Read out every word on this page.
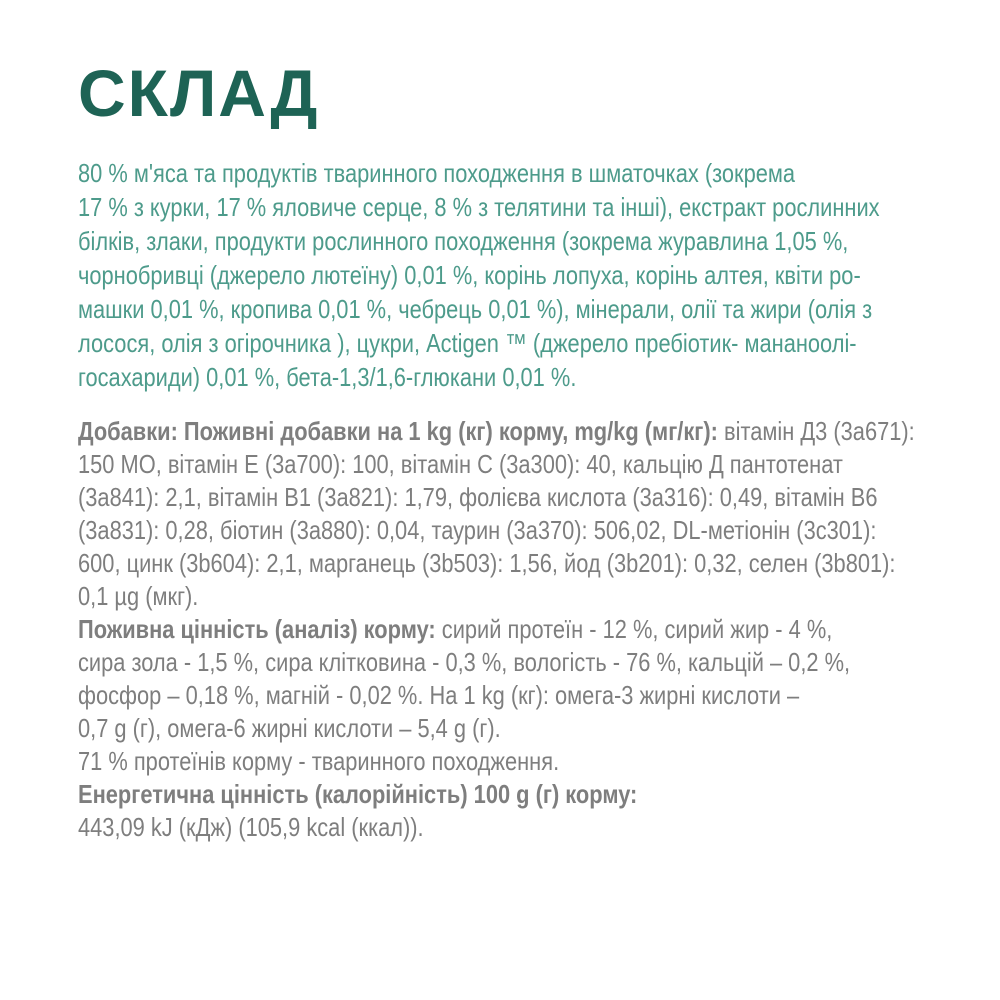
СКЛАД
80 % м'яса та продуктів тваринного походження в шматочках (зокрема
17 % з курки, 17 % яловиче серце, 8 % з телятини та інші), екстракт рослинних
білків, злаки, продукти рослинного походження (зокрема журавлина 1,05 %,
чорнобривці (джерело лютеїну) 0,01 %, корінь лопуха, корінь алтея, квіти ро-
машки 0,01 %, кропива 0,01 %, чебрець 0,01 %), мінерали, олії та жири (олія з
лосося, олія з огірочника ), цукри, Actigen ™ (джерело пребіотик- мананоолі-
госахариди) 0,01 %, бета-1,3/1,6-глюкани 0,01 %.
Добавки: Поживні добавки на 1 kg (кг) корму, mg/kg (мг/кг): вітамін Д3 (3a671):
150 МО, вітамін Е (3a700): 100, вітамін С (3a300): 40, кальцію Д пантотенат
(3a841): 2,1, вітамін В1 (3a821): 1,79, фолієва кислота (3a316): 0,49, вітамін В6
(3a831): 0,28, біотин (3a880): 0,04, таурин (3a370): 506,02, DL-метіонін (3c301):
600, цинк (3b604): 2,1, марганець (3b503): 1,56, йод (3b201): 0,32, селен (3b801):
0,1 µg (мкг).
Поживна цінність (аналіз) корму: сирий протеїн - 12 %, сирий жир - 4 %,
сира зола - 1,5 %, сира клітковина - 0,3 %, вологість - 76 %, кальцій – 0,2 %,
фосфор – 0,18 %, магній - 0,02 %. На 1 kg (кг): омега-3 жирні кислоти –
0,7 g (г), омега-6 жирні кислоти – 5,4 g (г).
71 % протеїнів корму - тваринного походження.
Енергетична цінність (калорійність) 100 g (г) корму:
443,09 kJ (кДж) (105,9 kcal (ккал)).
